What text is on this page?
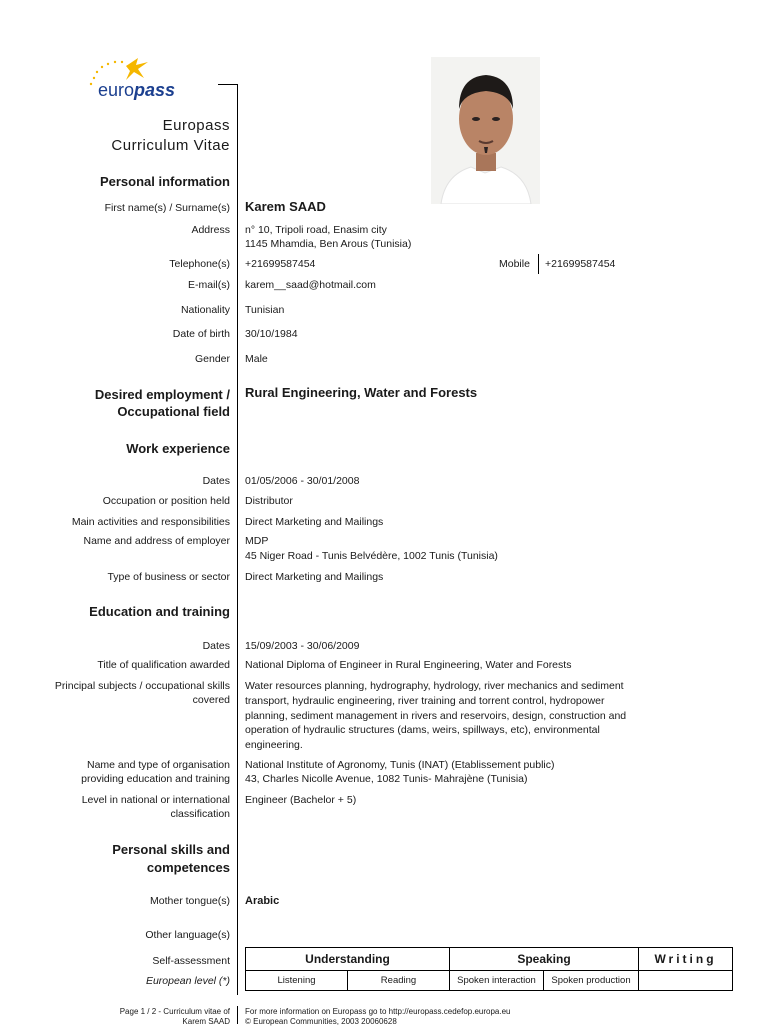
europass
Europass
Curriculum Vitae
Personal information
First name(s) / Surname(s) Karem SAAD
Address n° 10, Tripoli road, Enasim city
1145 Mhamdia, Ben Arous (Tunisia)
Telephone(s) +21699587454	Mobile +21699587454
E-mail(s) karem__saad@hotmail.com
Nationality Tunisian
Date of birth 30/10/1984
Gender Male
Desired employment /
Occupational field
Rural Engineering, Water and Forests
Work experience
Dates 01/05/2006 - 30/01/2008
Occupation or position held Distributor
Main activities and responsibilities Direct Marketing and Mailings
Name and address of employer MDP
45 Niger Road - Tunis Belvédère, 1002 Tunis (Tunisia)
Type of business or sector Direct Marketing and Mailings
Education and training
Dates 15/09/2003 - 30/06/2009
Title of qualification awarded National Diploma of Engineer in Rural Engineering, Water and Forests
Principal subjects / occupational skills
covered
Water resources planning, hydrography, hydrology, river mechanics and sediment
transport, hydraulic engineering, river training and torrent control, hydropower
planning, sediment management in rivers and reservoirs, design, construction and
operation of hydraulic structures (dams, weirs, spillways, etc), environmental
engineering.
Name and type of organisation
providing education and training
National Institute of Agronomy, Tunis (INAT) (Etablissement public)
43, Charles Nicolle Avenue, 1082 Tunis- Mahrajène (Tunisia)
Level in national or international
classification
Engineer (Bachelor + 5)
Personal skills and
competences
Mother tongue(s) Arabic
Other language(s)
Self-assessment
European level (*)
Understanding		Speaking		Writing
Listening	Reading	Spoken interaction	Spoken production	
Page 1 / 2 - Curriculum vitae of
Karem SAAD
For more information on Europass go to http://europass.cedefop.europa.eu
© European Communities, 2003 20060628
